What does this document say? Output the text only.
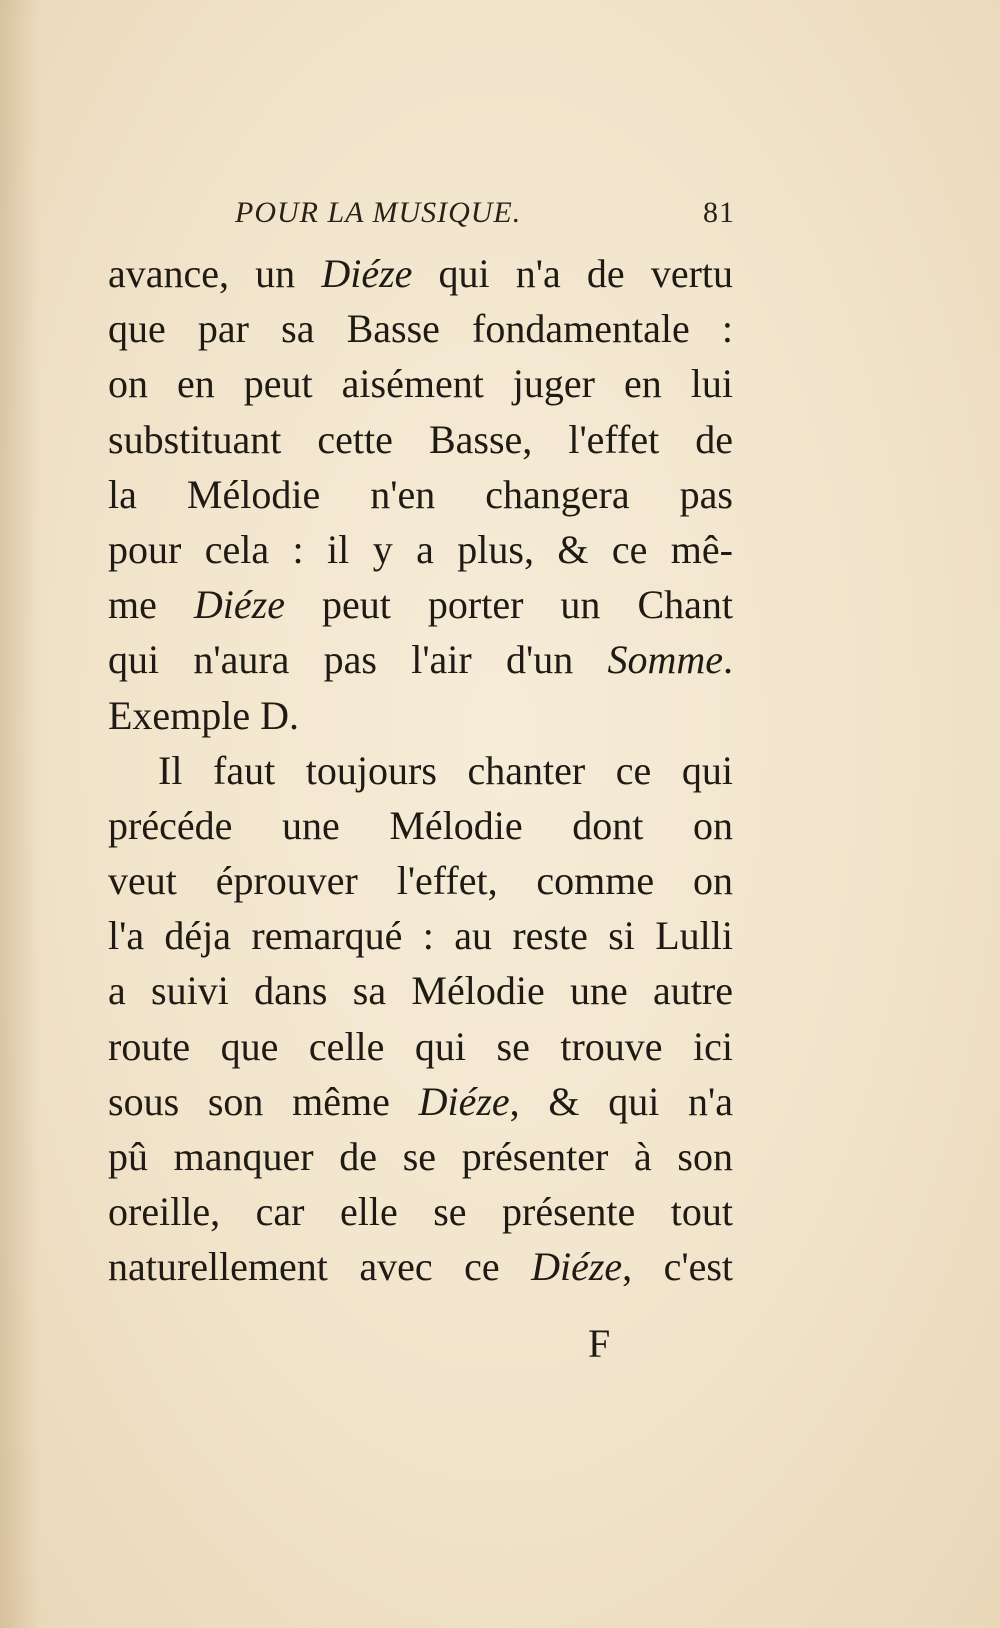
POUR LA MUSIQUE.	81
avance, un Diéze qui n'a de vertu
que par sa Basse fondamentale :
on en peut aisément juger en lui
substituant cette Basse, l'effet de
la Mélodie n'en changera pas
pour cela : il y a plus, & ce mê-
me Diéze peut porter un Chant
qui n'aura pas l'air d'un Somme.
Exemple D.
Il faut toujours chanter ce qui
précéde une Mélodie dont on
veut éprouver l'effet, comme on
l'a déja remarqué : au reste si Lulli
a suivi dans sa Mélodie une autre
route que celle qui se trouve ici
sous son même Diéze, & qui n'a
pû manquer de se présenter à son
oreille, car elle se présente tout
naturellement avec ce Diéze, c'est
F
